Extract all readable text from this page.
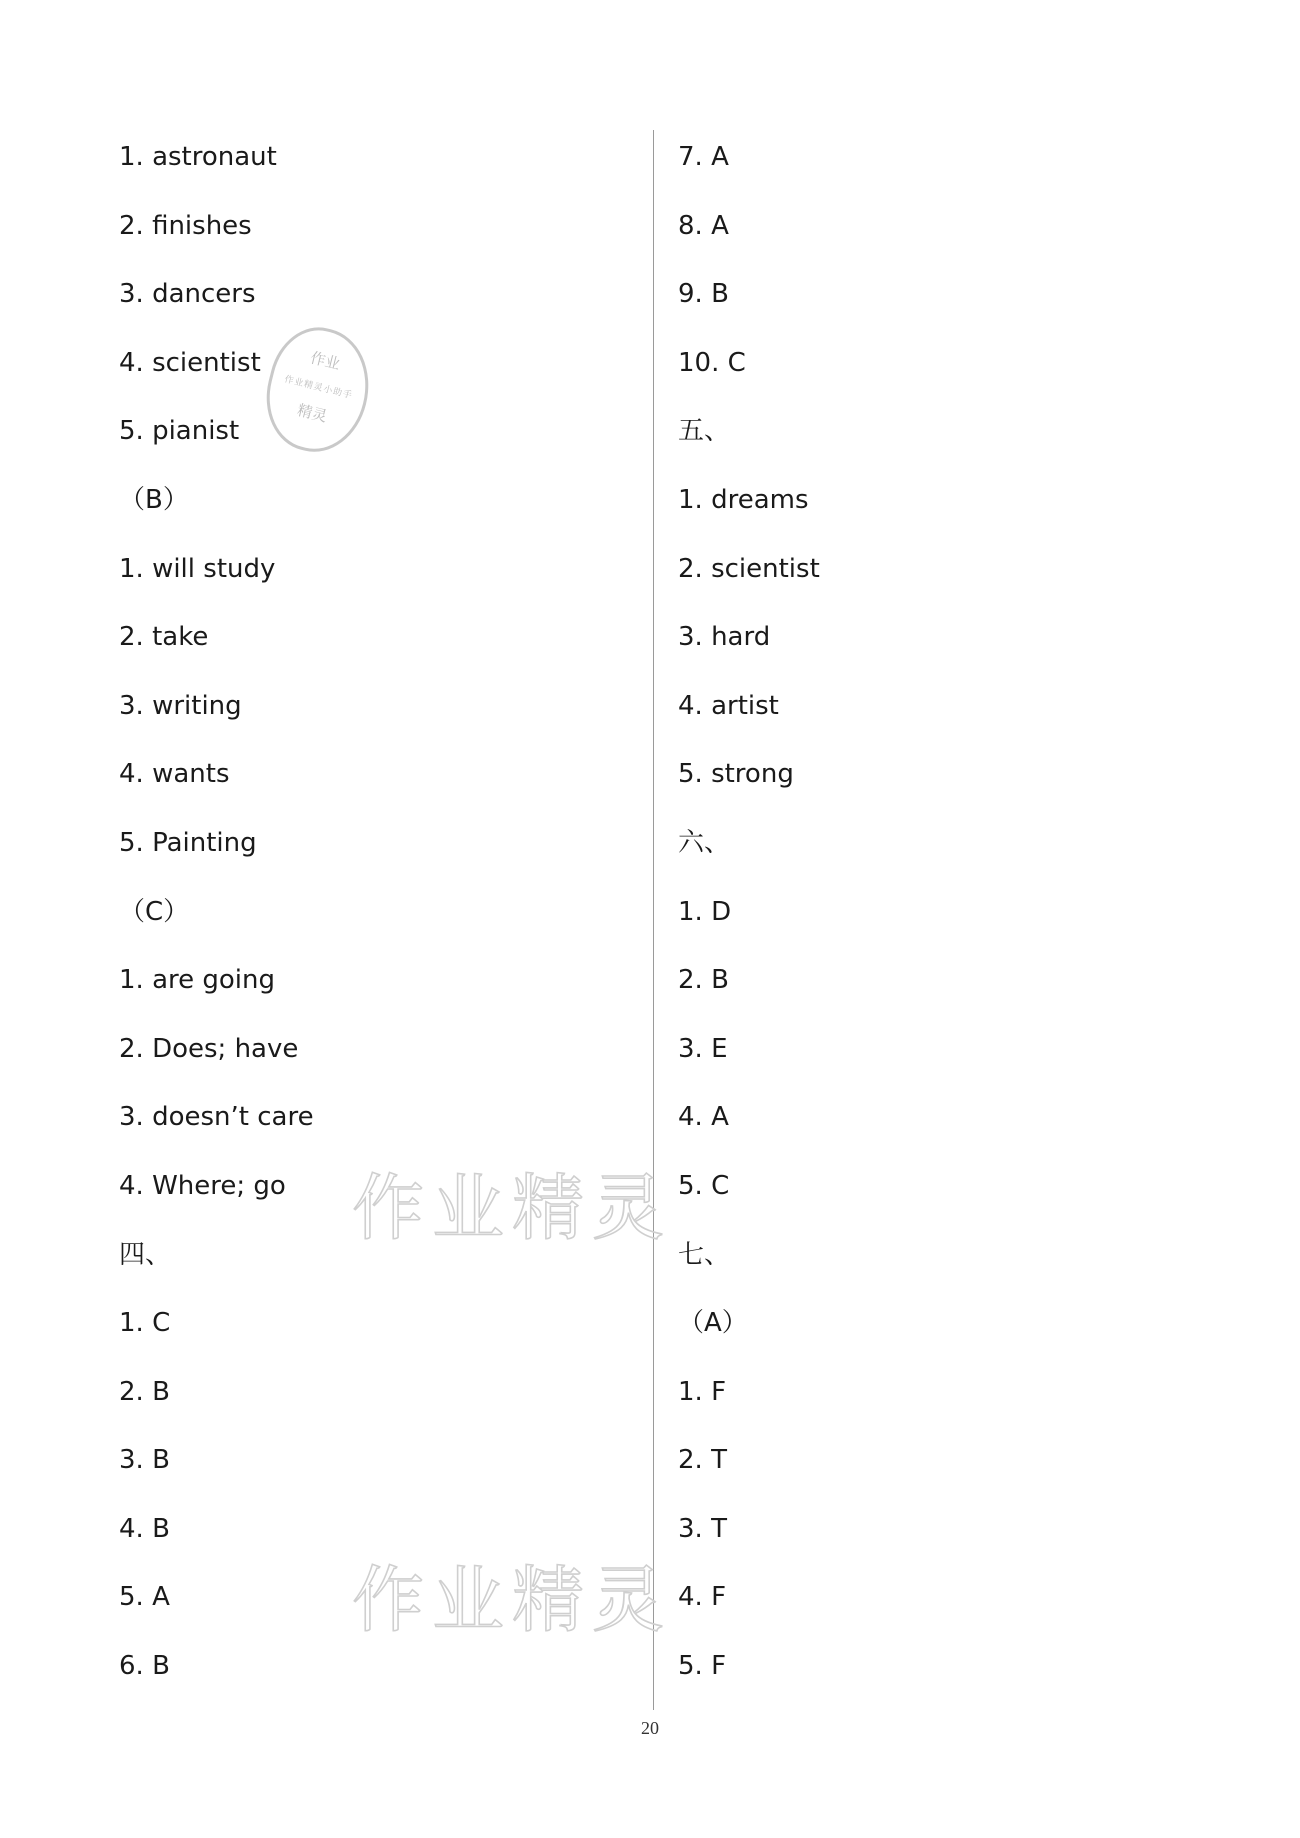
1. astronaut
2. finishes
3. dancers
4. scientist
5. pianist
（B）
1. will study
2. take
3. writing
4. wants
5. Painting
（C）
1. are going
2. Does; have
3. doesn’t care
4. Where; go
四、
1. C
2. B
3. B
4. B
5. A
6. B
7. A
8. A
9. B
10. C
五、
1. dreams
2. scientist
3. hard
4. artist
5. strong
六、
1. D
2. B
3. E
4. A
5. C
七、
（A）
1. F
2. T
3. T
4. F
5. F
作业
作业精灵小助手
精灵
作业精灵
作业精灵
20
